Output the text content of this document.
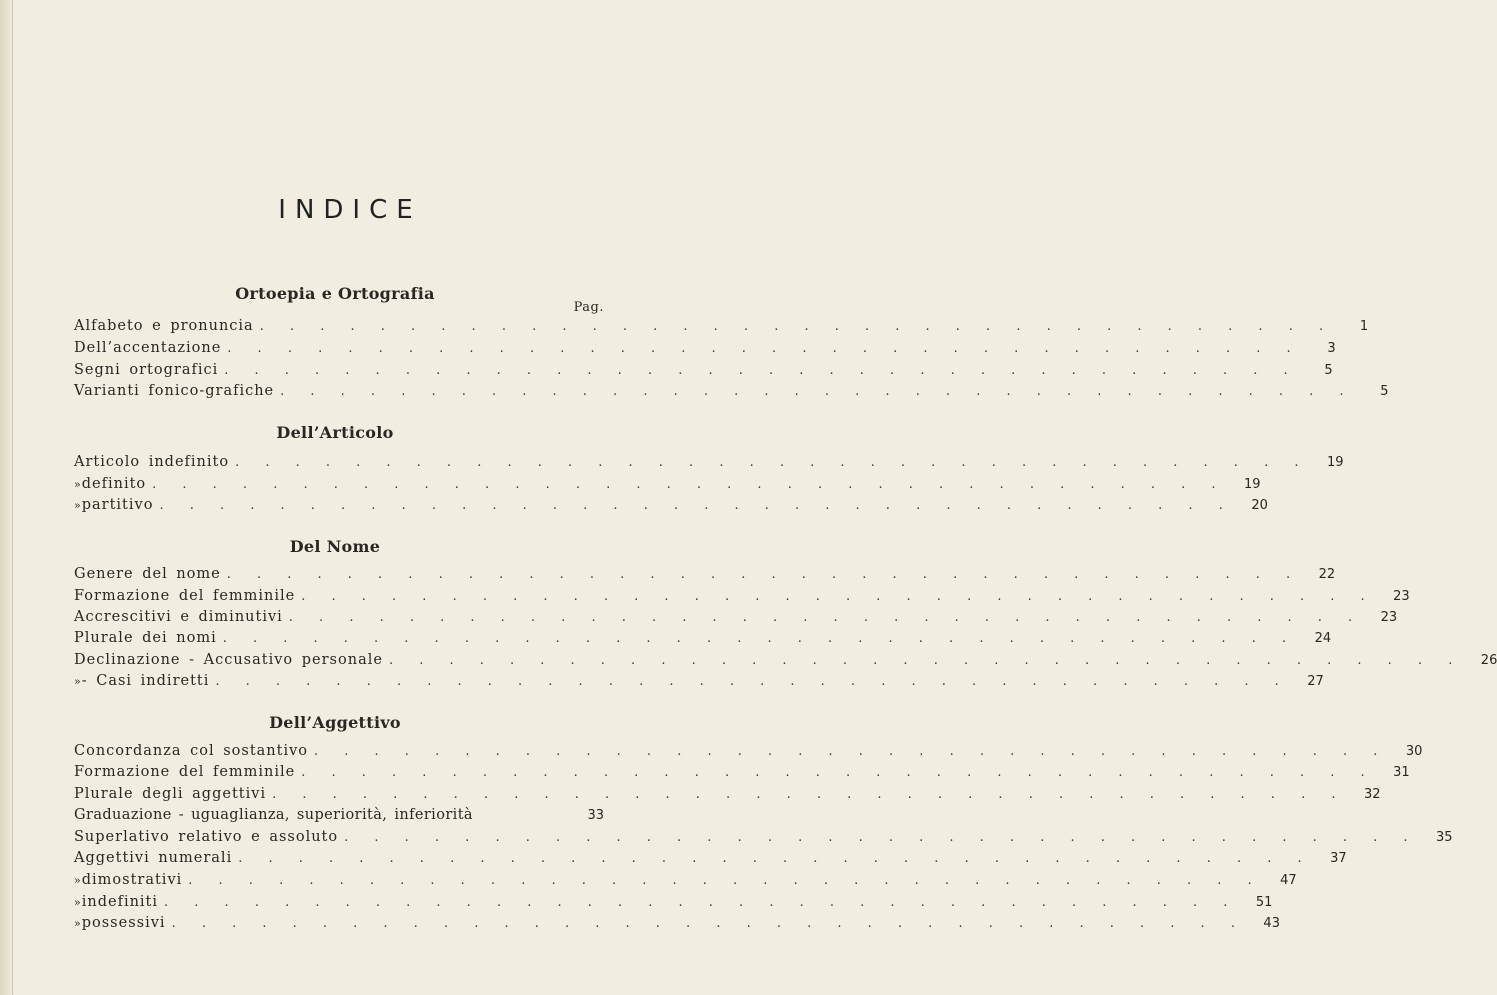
INDICE
Ortoepia e Ortografia
Pag.
Alfabeto e pronuncia . . . . . . . . . . . . . . . . . . . . . . . . . . . . . . . . . . . .	1
Dell’accentazione . . . . . . . . . . . . . . . . . . . . . . . . . . . . . . . . . . . .	3
Segni ortografici . . . . . . . . . . . . . . . . . . . . . . . . . . . . . . . . . . . .	5
Varianti fonico-grafiche . . . . . . . . . . . . . . . . . . . . . . . . . . . . . . . . . . . .	5
Dell’Articolo
Articolo indefinito . . . . . . . . . . . . . . . . . . . . . . . . . . . . . . . . . . . .	19
» definito . . . . . . . . . . . . . . . . . . . . . . . . . . . . . . . . . . . .	19
» partitivo . . . . . . . . . . . . . . . . . . . . . . . . . . . . . . . . . . . .	20
Del Nome
Genere del nome . . . . . . . . . . . . . . . . . . . . . . . . . . . . . . . . . . . .	22
Formazione del femminile . . . . . . . . . . . . . . . . . . . . . . . . . . . . . . . . . . . .	23
Accrescitivi e diminutivi . . . . . . . . . . . . . . . . . . . . . . . . . . . . . . . . . . . .	23
Plurale dei nomi . . . . . . . . . . . . . . . . . . . . . . . . . . . . . . . . . . . .	24
Declinazione - Accusativo personale . . . . . . . . . . . . . . . . . . . . . . . . . . . . . . . . . . . .	26
» - Casi indiretti . . . . . . . . . . . . . . . . . . . . . . . . . . . . . . . . . . . .	27
Dell’Aggettivo
Concordanza col sostantivo . . . . . . . . . . . . . . . . . . . . . . . . . . . . . . . . . . . .	30
Formazione del femminile . . . . . . . . . . . . . . . . . . . . . . . . . . . . . . . . . . . .	31
Plurale degli aggettivi . . . . . . . . . . . . . . . . . . . . . . . . . . . . . . . . . . . .	32
Graduazione - uguaglianza, superiorità, inferiorità	33
Superlativo relativo e assoluto . . . . . . . . . . . . . . . . . . . . . . . . . . . . . . . . . . . .	35
Aggettivi numerali . . . . . . . . . . . . . . . . . . . . . . . . . . . . . . . . . . . .	37
» dimostrativi . . . . . . . . . . . . . . . . . . . . . . . . . . . . . . . . . . . .	47
» indefiniti . . . . . . . . . . . . . . . . . . . . . . . . . . . . . . . . . . . .	51
» possessivi . . . . . . . . . . . . . . . . . . . . . . . . . . . . . . . . . . . .	43
